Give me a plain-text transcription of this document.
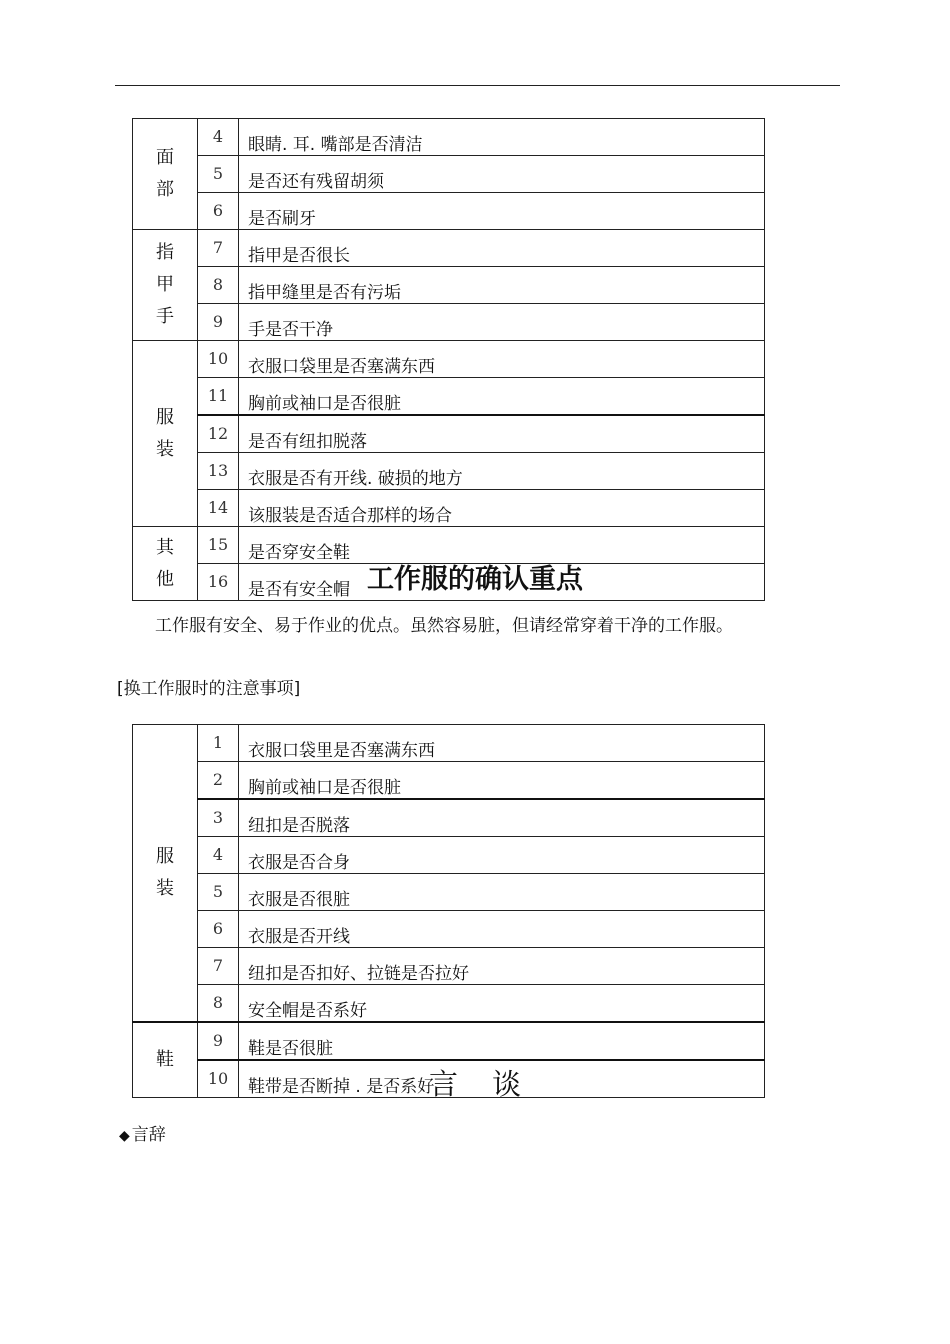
面
部	4	眼睛. 耳. 嘴部是否清洁
	5	是否还有残留胡须
	6	是否刷牙

指
甲
手	7	指甲是否很长
	8	指甲缝里是否有污垢
	9	手是否干净

服
装	10	衣服口袋里是否塞满东西
	11	胸前或袖口是否很脏
	12	是否有纽扣脱落
	13	衣服是否有开线. 破损的地方
	14	该服装是否适合那样的场合

其
他	15	是否穿安全鞋
	16	是否有安全帽 工作服的确认重点
工作服有安全、易于作业的优点。虽然容易脏，但请经常穿着干净的工作服。
[换工作服时的注意事项]
服
装	1	衣服口袋里是否塞满东西
	2	胸前或袖口是否很脏
	3	纽扣是否脱落
	4	衣服是否合身
	5	衣服是否很脏
	6	衣服是否开线
	7	纽扣是否扣好、拉链是否拉好
	8	安全帽是否系好

鞋	9	鞋是否很脏
	10	鞋带是否断掉 . 是否系好
言 谈
◆ 言辞
